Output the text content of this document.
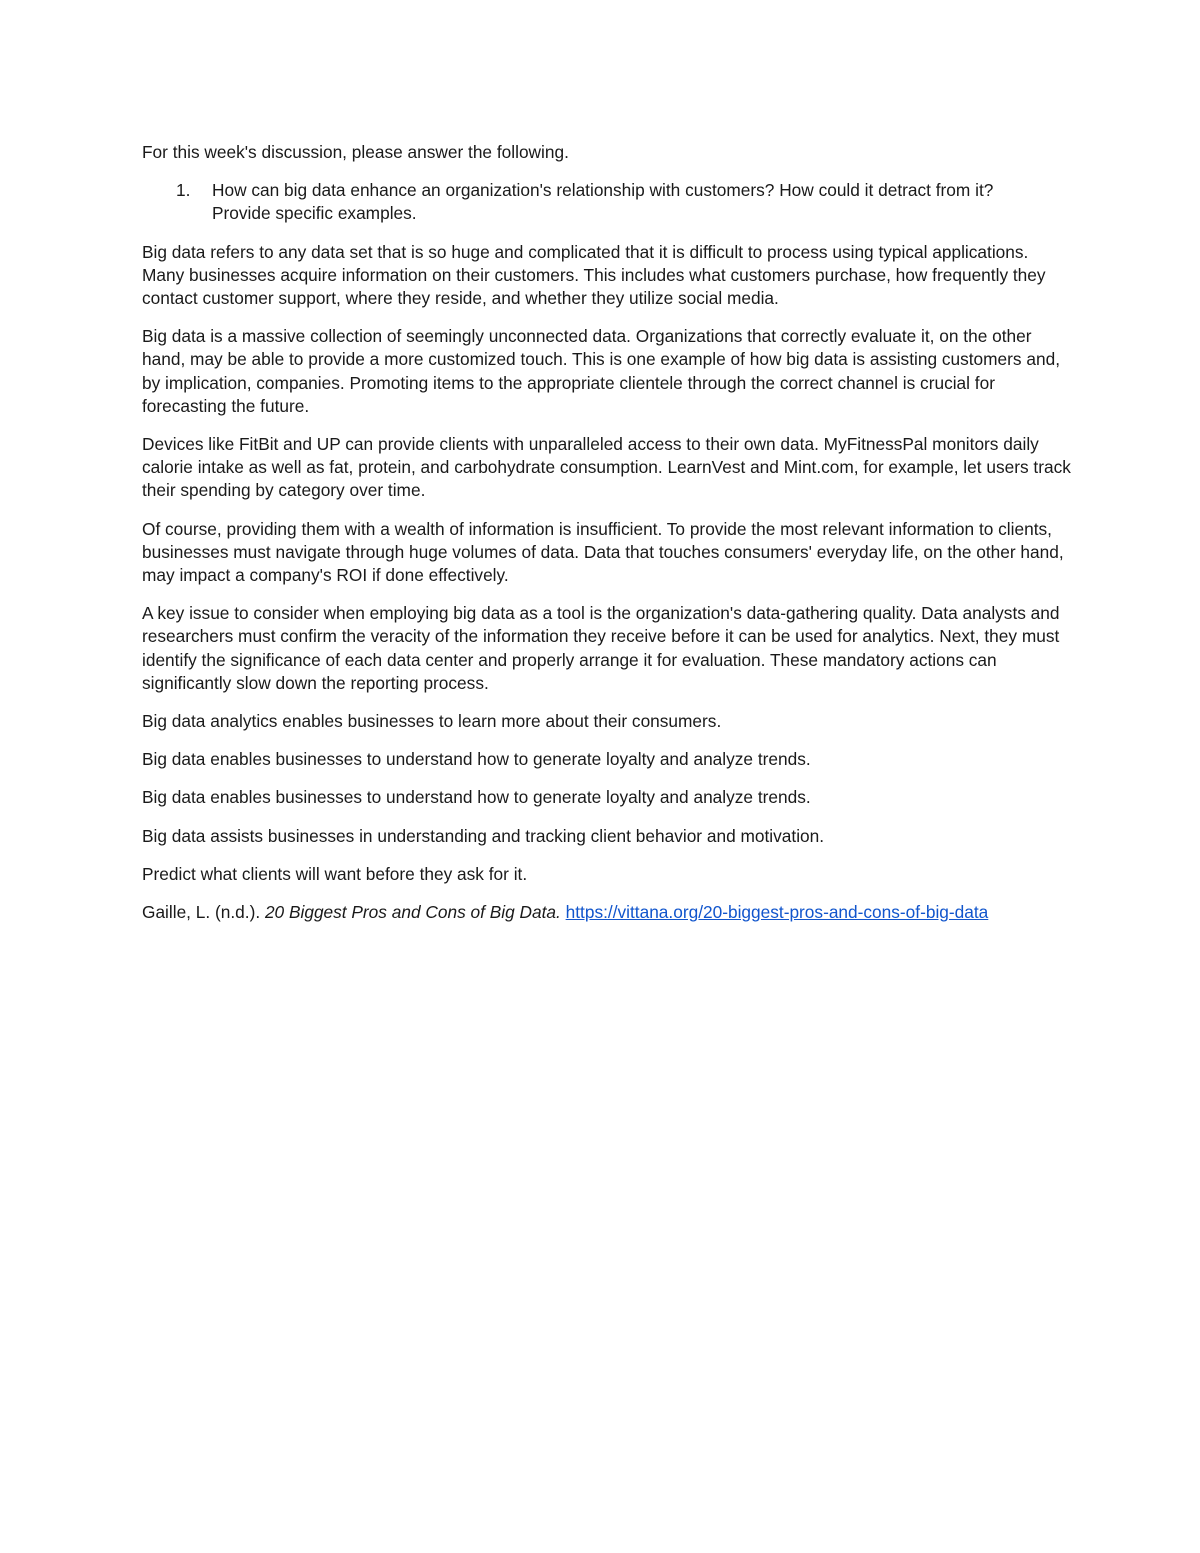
For this week's discussion, please answer the following.

1. How can big data enhance an organization's relationship with customers? How could it detract from it? Provide specific examples.

Big data refers to any data set that is so huge and complicated that it is difficult to process using typical applications. Many businesses acquire information on their customers. This includes what customers purchase, how frequently they contact customer support, where they reside, and whether they utilize social media.

Big data is a massive collection of seemingly unconnected data. Organizations that correctly evaluate it, on the other hand, may be able to provide a more customized touch. This is one example of how big data is assisting customers and, by implication, companies. Promoting items to the appropriate clientele through the correct channel is crucial for forecasting the future.

Devices like FitBit and UP can provide clients with unparalleled access to their own data. MyFitnessPal monitors daily calorie intake as well as fat, protein, and carbohydrate consumption. LearnVest and Mint.com, for example, let users track their spending by category over time.

Of course, providing them with a wealth of information is insufficient. To provide the most relevant information to clients, businesses must navigate through huge volumes of data. Data that touches consumers' everyday life, on the other hand, may impact a company's ROI if done effectively.

A key issue to consider when employing big data as a tool is the organization's data-gathering quality. Data analysts and researchers must confirm the veracity of the information they receive before it can be used for analytics. Next, they must identify the significance of each data center and properly arrange it for evaluation. These mandatory actions can significantly slow down the reporting process.

Big data analytics enables businesses to learn more about their consumers.

Big data enables businesses to understand how to generate loyalty and analyze trends.

Big data enables businesses to understand how to generate loyalty and analyze trends.

Big data assists businesses in understanding and tracking client behavior and motivation.

Predict what clients will want before they ask for it.

Gaille, L. (n.d.). 20 Biggest Pros and Cons of Big Data. https://vittana.org/20-biggest-pros-and-cons-of-big-data
